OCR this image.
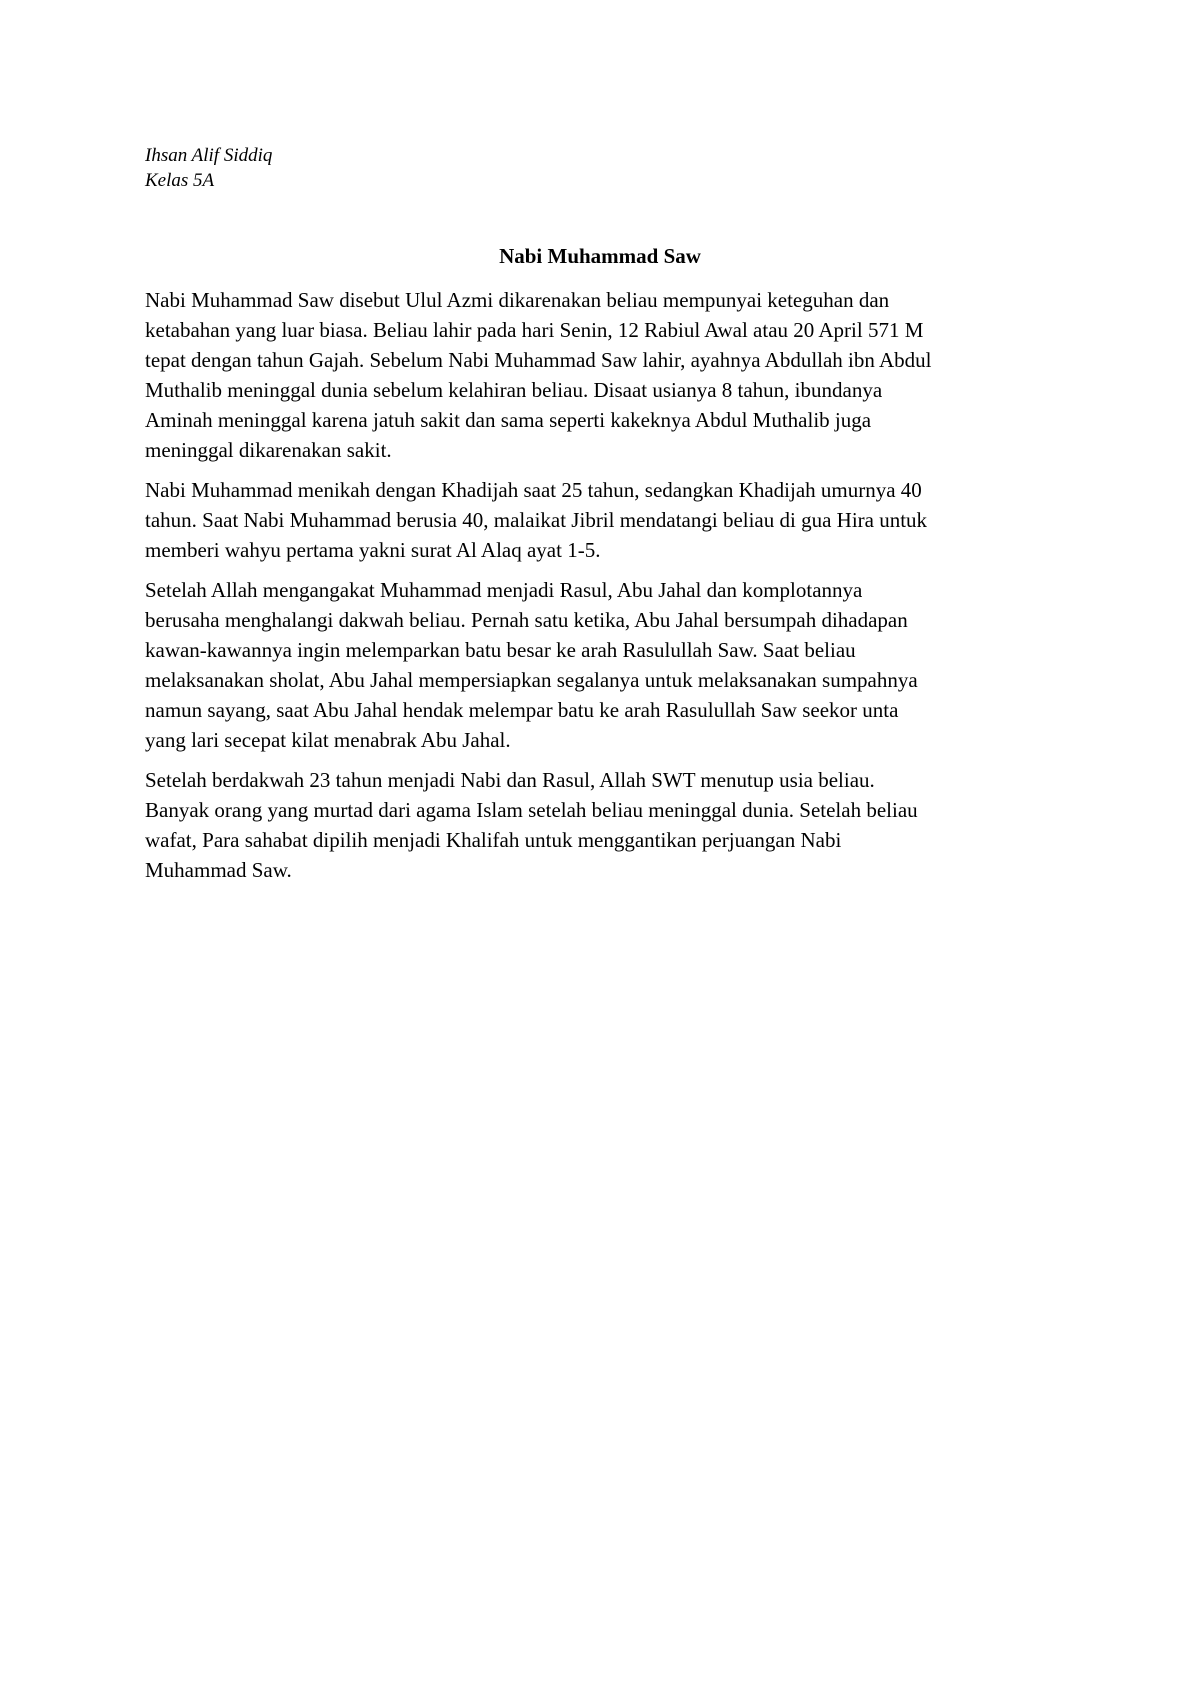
Ihsan Alif Siddiq
Kelas 5A
Nabi Muhammad Saw

Nabi Muhammad Saw disebut Ulul Azmi dikarenakan beliau mempunyai keteguhan dan
ketabahan yang luar biasa. Beliau lahir pada hari Senin, 12 Rabiul Awal atau 20 April 571 M
tepat dengan tahun Gajah. Sebelum Nabi Muhammad Saw lahir, ayahnya Abdullah ibn Abdul
Muthalib meninggal dunia sebelum kelahiran beliau. Disaat usianya 8 tahun, ibundanya
Aminah meninggal karena jatuh sakit dan sama seperti kakeknya Abdul Muthalib juga
meninggal dikarenakan sakit.

Nabi Muhammad menikah dengan Khadijah saat 25 tahun, sedangkan Khadijah umurnya 40
tahun. Saat Nabi Muhammad berusia 40, malaikat Jibril mendatangi beliau di gua Hira untuk
memberi wahyu pertama yakni surat Al Alaq ayat 1-5.

Setelah Allah mengangakat Muhammad menjadi Rasul, Abu Jahal dan komplotannya
berusaha menghalangi dakwah beliau. Pernah satu ketika, Abu Jahal bersumpah dihadapan
kawan-kawannya ingin melemparkan batu besar ke arah Rasulullah Saw. Saat beliau
melaksanakan sholat, Abu Jahal mempersiapkan segalanya untuk melaksanakan sumpahnya
namun sayang, saat Abu Jahal hendak melempar batu ke arah Rasulullah Saw seekor unta
yang lari secepat kilat menabrak Abu Jahal.

Setelah berdakwah 23 tahun menjadi Nabi dan Rasul, Allah SWT menutup usia beliau.
Banyak orang yang murtad dari agama Islam setelah beliau meninggal dunia. Setelah beliau
wafat, Para sahabat dipilih menjadi Khalifah untuk menggantikan perjuangan Nabi
Muhammad Saw.
